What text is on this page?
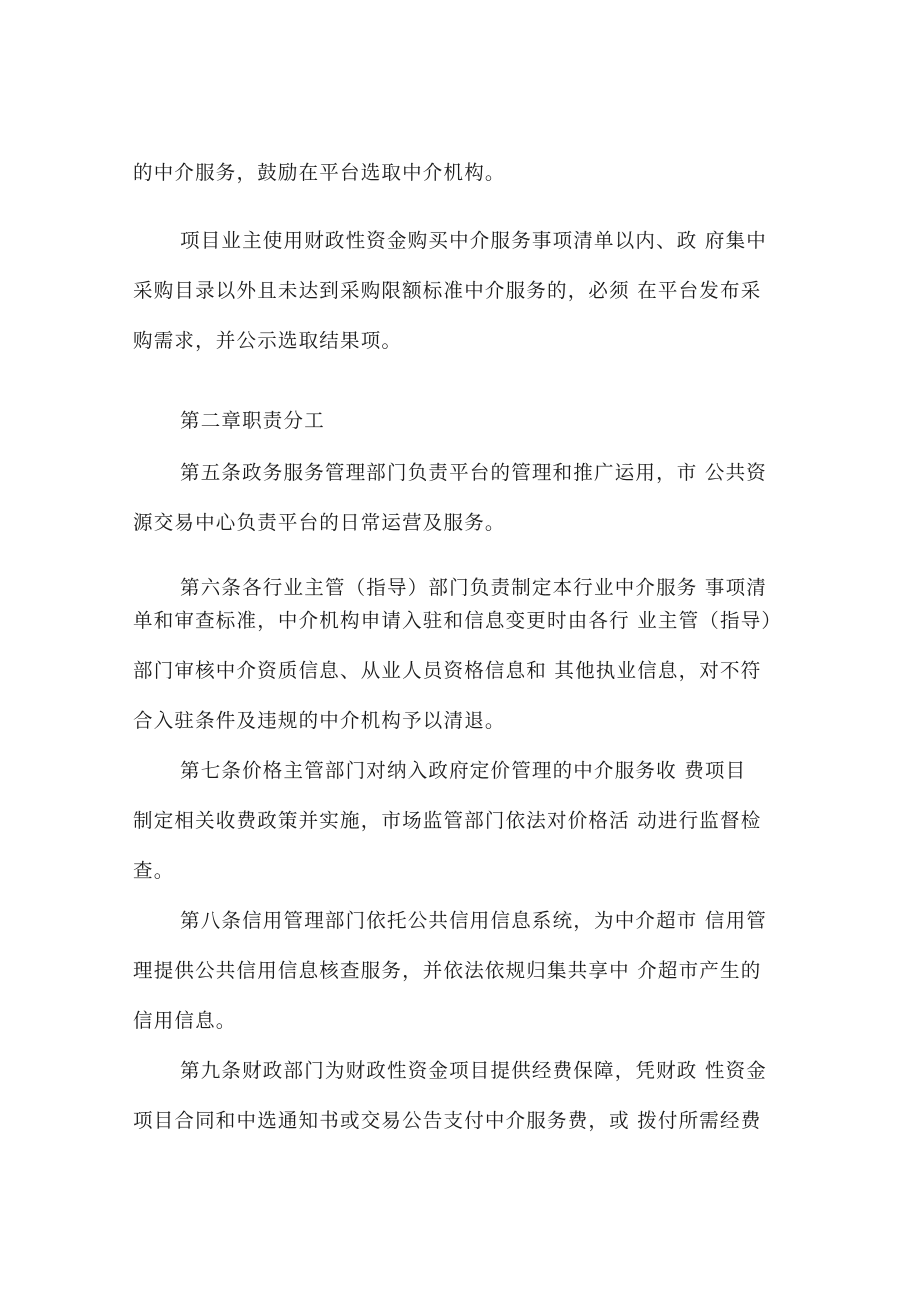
的中介服务，鼓励在平台选取中介机构。
项目业主使用财政性资金购买中介服务事项清单以内、政 府集中
采购目录以外且未达到采购限额标准中介服务的，必须 在平台发布采
购需求，并公示选取结果项。
第二章职责分工
第五条政务服务管理部门负责平台的管理和推广运用，市 公共资
源交易中心负责平台的日常运营及服务。
第六条各行业主管（指导）部门负责制定本行业中介服务 事项清
单和审查标准，中介机构申请入驻和信息变更时由各行 业主管（指导）
部门审核中介资质信息、从业人员资格信息和 其他执业信息，对不符
合入驻条件及违规的中介机构予以清退。
第七条价格主管部门对纳入政府定价管理的中介服务收 费项目
制定相关收费政策并实施，市场监管部门依法对价格活 动进行监督检
查。
第八条信用管理部门依托公共信用信息系统，为中介超市 信用管
理提供公共信用信息核查服务，并依法依规归集共享中 介超市产生的
信用信息。
第九条财政部门为财政性资金项目提供经费保障，凭财政 性资金
项目合同和中选通知书或交易公告支付中介服务费，或 拨付所需经费
